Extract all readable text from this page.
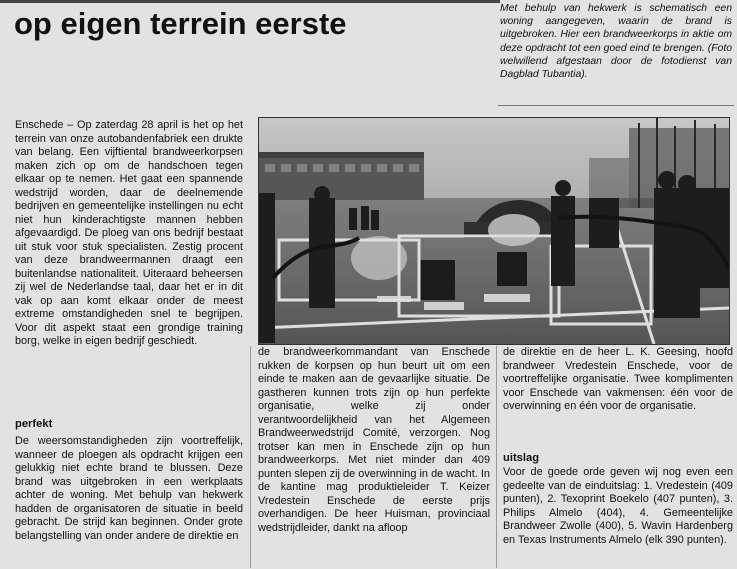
op eigen terrein eerste	Met behulp van hekwerk is schematisch een woning aangegeven, waarin de brand is uitgebroken. Hier een brandweerkorps in aktie om deze opdracht tot een goed eind te brengen. (Foto welwillend afgestaan door de fotodienst van Dagblad Tubantia).

Enschede – Op zaterdag 28 april is het op het terrein van onze autobandenfabriek een drukte van belang. Een vijftiental brandweerkorpsen maken zich op om de handschoen tegen elkaar op te nemen. Het gaat een spannende wedstrijd worden, daar de deelnemende bedrijven en gemeentelijke instellingen nu echt niet hun kinderachtigste mannen hebben afgevaardigd. De ploeg van ons bedrijf bestaat uit stuk voor stuk specialisten. Zestig procent van deze brandweermannen draagt een buitenlandse nationaliteit. Uiteraard beheersen zij wel de Nederlandse taal, daar het er in dit vak op aan komt elkaar onder de meest extreme omstandigheden snel te begrijpen. Voor dit aspekt staat een grondige training borg, welke in eigen bedrijf geschiedt.

perfekt

De weersomstandigheden zijn voortreffelijk, wanneer de ploegen als opdracht krijgen een gelukkig niet echte brand te blussen. Deze brand was uitgebroken in een werkplaats achter de woning. Met behulp van hekwerk hadden de organisatoren de situatie in beeld gebracht. De strijd kan beginnen. Onder grote belangstelling van onder andere de direktie en

de brandweerkommandant van Enschede rukken de korpsen op hun beurt uit om een einde te maken aan de gevaarlijke situatie. De gastheren kunnen trots zijn op hun perfekte organisatie, welke zij onder verantwoordelijkheid van het Algemeen Brandweerwedstrijd Comité, verzorgen. Nog trotser kan men in Enschede zijn op hun brandweerkorps. Met niet minder dan 409 punten slepen zij de overwinning in de wacht. In de kantine mag produktieleider T. Keizer Vredestein Enschede de eerste prijs overhandigen. De heer Huisman, provinciaal wedstrijdleider, dankt na afloop

de direktie en de heer L. K. Geesing, hoofd brandweer Vredestein Enschede, voor de voortreffelijke organisatie. Twee komplimenten voor Enschede van vakmensen: één voor de overwinning en één voor de organisatie.

uitslag

Voor de goede orde geven wij nog even een gedeelte van de einduitslag: 1. Vredestein (409 punten), 2. Texoprint Boekelo (407 punten), 3. Philips Almelo (404), 4. Gemeentelijke Brandweer Zwolle (400), 5. Wavin Hardenberg en Texas Instruments Almelo (elk 390 punten).
